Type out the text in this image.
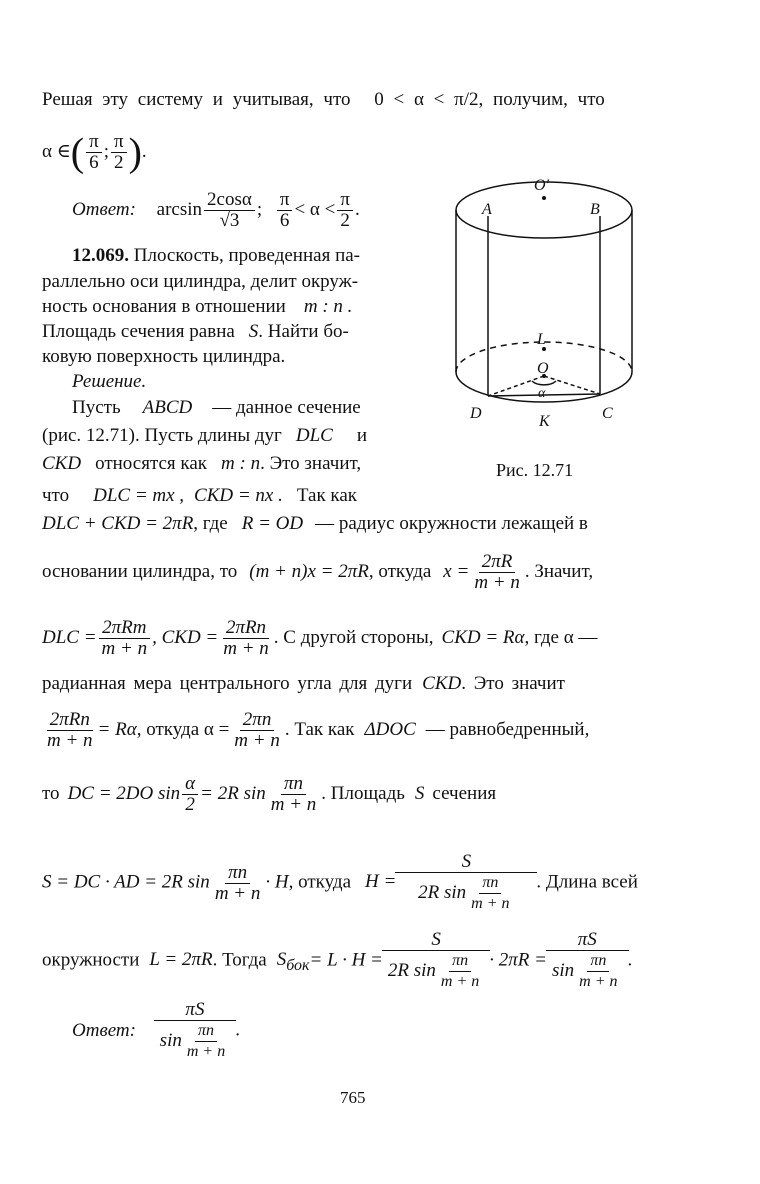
Решая эту систему и учитывая, что 0 < α < π/2, получим, что
α ∈( $\frac{\pi}{6}$ ; $\frac{\pi}{2}$ ).
Ответ: $\arcsin \frac{2\cos\alpha}{√3}$ ; $\frac{\pi}{6} < \alpha < \frac{\pi}{2}$ .
12.069. Плоскость, проведенная па-
раллельно оси цилиндра, делит окруж-
ность основания в отношении m : n .
Площадь сечения равна S. Найти бо-
ковую поверхность цилиндра.
Решение.
Пусть ABCD — данное сечение
(рис. 12.71). Пусть длины дуг DLC и
CKD относятся как m : n. Это значит,
что DLC = mx , CKD = nx . Так как
DLC + CKD = 2πR, где R = OD — радиус окружности лежащей в
основании цилиндра, то (m + n)x = 2πR, откуда $x = \frac{2\pi R}{m + n}$ . Значит,
DLC = 2πRm
m + n
, CKD = 2πRn
m + n
. С другой стороны, CKD = Rα, где α —
радианная мера центрального угла для дуги CKD. Это значит
2πRn
m + n
= Rα, откуда $\alpha = \frac{2\pi n}{m + n}$ . Так как ΔDOC — равнобедренный,
то DC = 2DO $\sin \frac{\alpha}{2} = 2R$ $\sin \frac{\pi n}{m + n}$ . Площадь S сечения
S = DC · AD = 2R $\sin \frac{\pi n}{m + n} \cdot H$, откуда H =
S
2R $\sin \frac{\pi n}{m + n}$ . Длина всей
окружности L = 2πR. Тогда $S_{бок}= L \cdot H$ =
S
2R $\sin \frac{\pi n}{m + n} \cdot 2\pi R$ =
πS
$\sin \frac{\pi n}{m + n}$ .
Ответ:
πS
$\sin \frac{\pi n}{m + n}$ .
765
O′
A	B
L
O
α
D	C
K
Рис. 12.71
